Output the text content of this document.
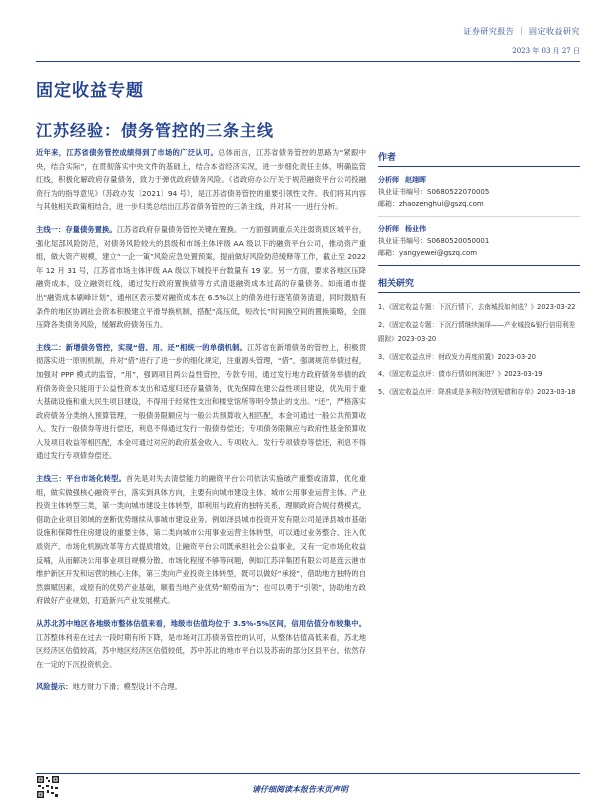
证券研究报告 ｜ 固定收益研究
2023 年 03 月 27 日
固定收益专题
江苏经验：债务管控的三条主线

近年来，江苏省债务管控成绩得到了市场的广泛认可。总体而言，江苏省债务管控的思路为“紧跟中央，结合实际”，在贯彻落实中央文件的基础上，结合本省经济实况，进一步细化责任主体，明确监管红线，积极化解政府存量债务，致力于弹优政府债务风险。《省政府办公厅关于规范融资平台公司投融资行为的指导意见》（苏政办发〔2021〕94 号），是江苏省债务管控的重要引领性文件。我们将其内容与其他相关政策相结合，进一步归类总结出江苏省债务管控的三条主线，并对其一一进行分析。

主线一：存量债务置换。江苏省政府存量债务管控关键在置换。一方面强调重点关注弱资质区城平台，强化尾部风险防范，对债务风险较大的县级和市场主体评级 AA 级以下的融资平台公司，推动资产重组，做大资产规模，建立“一企一策”风险应急处置预案，提前做好风险防范缓释等工作，截止至 2022 年 12 月 31 号，江苏省市场主体评级 AA 级以下城投平台数量有 19 家。另一方面，要求各地区压降融资成本，设立融资红线，通过发行政府置换债等方式清退融资成本过高的存量债务。如南通市提出“融资成本刷峰计划”，通州区表示要对融资成本在 6.5%以上的债务进行逐笔债务清退，同时鼓励有条件的地区协调社会资本积极建立平滑导换机制，搭配“高压低，短改长”时间换空间的置换策略，全面压降各类债务风险，缓解政府债务压力。

主线二：新增债务管控，实现“借、用、还”相统一的单债机制。江苏省在新增债务的管控上，积极贯彻落实进一原则机制，并对“借”进行了进一步的细化规定，注重源头管理，“借”，强调规范举债过程，加强对 PPP 模式的监管，“用”，强调项目两公益性管控，专款专用，通过发行地方政府债务举债的政府债务资金只能用于公益性资本支出和适度归还存量债务，优先保障在建公益性项目建设，优先用于重大基础设施和重大民生项目建设，不得用于经常性支出和楼堂馆所等明令禁止的支出。“还”，严格落实政府债务分类纳入预算管理，一般债务限额应与一般公共预算收入相匹配，本金可通过一般公共预算收入、发行一般债券等进行偿还，利息不得通过发行一般债券偿还；专项债务限额应与政府性基金预算收入及项目收益等相匹配，本金可通过对应的政府基金收入、专项收入、发行专项债券等偿还，利息不得通过发行专项债券偿还。

主线三：平台市场化转型。首先是对失去清偿能力的融资平台公司依法实施破产重整或清算，优化重组，做实做强核心融资平台，落实到具体方向，主要有向城市建设主体、城市公用事业运营主体、产业投资主体转型三类，第一类向城市建设主体转型，即利用与政府的独特关系，理顺政府合规付费模式，借助企业项目领域的垄断优势继续从事城市建设业务。例如泽县城市投资开发有限公司是泽县城市基础设施和保障性住房建设的重要主体，第二类向城市公用事业运营主体转型，可以通过业务整合、注入优质资产、市场化机制改革等方式提质增效，让融资平台公司既承担社会公益事业，又有一定市场化收益反哺，从而解决公用事业项目规模分散、市场化程度不够等问题，例如江苏洋集团有限公司是连云港市维护新区开发和运营的核心主体，第三类向产业投资主体转型，既可以做好“承接”，借助地方独特的自然禀赋因素，或原有的优势产业基础，顺着当地产业优势“顺势而为”；也可以勇于“引领”，协助地方政府做好产业规划，打造新兴产业发展模式。

从苏北苏中地区各地级市整体估值来看，地级市估值均位于 3.5%-5%区间，信用估值分布较集中。江苏整体利差在过去一段时期有所下降，是市场对江苏债务管控的认可，从整体估值高低来看，苏北地区经济区估值较高，苏中地区经济区估值较低，苏中苏北的地市平台以及苏南的部分区县平台，依然存在一定的下沉投资机会。

风险提示：地方财力下滑；模型设计不合理。

作者
分析师 赵翊晖
执业证书编号：S0680522070005
邮箱：zhaozenghui@gszq.com
分析师 杨业伟
执业证书编号：S0680520050001
邮箱：yangyewei@gszq.com
相关研究
1、《固定收益专题：下沉行情下，去南城投如何选？》2023-03-22
2、《固定收益专题：下沉行情继续演绎——产业城投&银行信用利差跟踪》2023-03-20
3、《固定收益点评：财政发力再度前置》2023-03-20
4、《固定收益点评：债市行情如何演进？》2023-03-19
5、《固定收益点评：降准或是多利好特别短债和存单》2023-03-18
请仔细阅读本报告末页声明
